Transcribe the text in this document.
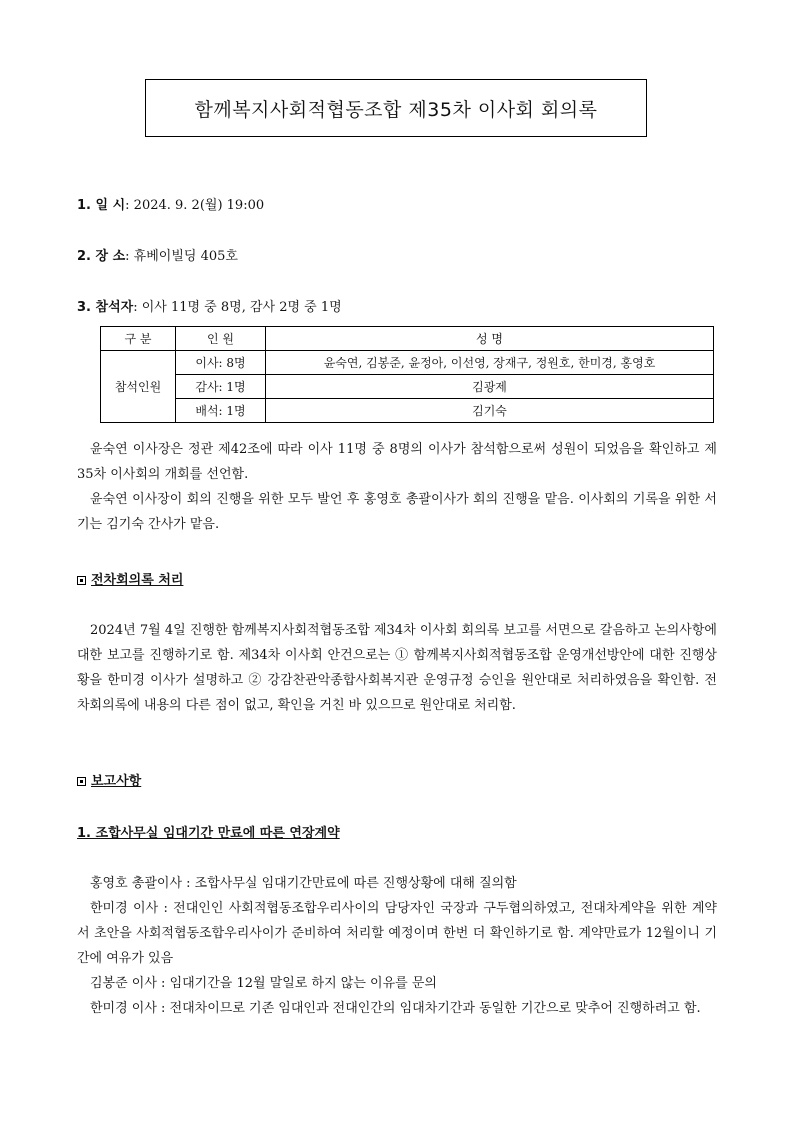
함께복지사회적협동조합 제35차 이사회 회의록
1. 일 시: 2024. 9. 2(월) 19:00
2. 장 소: 휴베이빌딩 405호
3. 참석자: 이사 11명 중 8명, 감사 2명 중 1명
구 분	인 원	성 명
참석인원	이사: 8명	윤숙연, 김봉준, 윤정아, 이선영, 장재구, 정원호, 한미경, 홍영호
	감사: 1명	김광제
	배석: 1명	김기숙

윤숙연 이사장은 정관 제42조에 따라 이사 11명 중 8명의 이사가 참석함으로써 성원이 되었음을 확인하고 제35차 이사회의 개회를 선언함.

윤숙연 이사장이 회의 진행을 위한 모두 발언 후 홍영호 총괄이사가 회의 진행을 맡음. 이사회의 기록을 위한 서기는 김기숙 간사가 맡음.

전차회의록 처리

2024년 7월 4일 진행한 함께복지사회적협동조합 제34차 이사회 회의록 보고를 서면으로 갈음하고 논의사항에 대한 보고를 진행하기로 함. 제34차 이사회 안건으로는 ① 함께복지사회적협동조합 운영개선방안에 대한 진행상황을 한미경 이사가 설명하고 ② 강감찬관악종합사회복지관 운영규정 승인을 원안대로 처리하였음을 확인함. 전차회의록에 내용의 다른 점이 없고, 확인을 거친 바 있으므로 원안대로 처리함.

보고사항
1. 조합사무실 임대기간 만료에 따른 연장계약

홍영호 총괄이사 : 조합사무실 임대기간만료에 따른 진행상황에 대해 질의함

한미경 이사 : 전대인인 사회적협동조합우리사이의 담당자인 국장과 구두협의하였고, 전대차계약을 위한 계약서 초안을 사회적협동조합우리사이가 준비하여 처리할 예정이며 한번 더 확인하기로 함. 계약만료가 12월이니 기간에 여유가 있음

김봉준 이사 : 임대기간을 12월 말일로 하지 않는 이유를 문의

한미경 이사 : 전대차이므로 기존 임대인과 전대인간의 임대차기간과 동일한 기간으로 맞추어 진행하려고 함.
